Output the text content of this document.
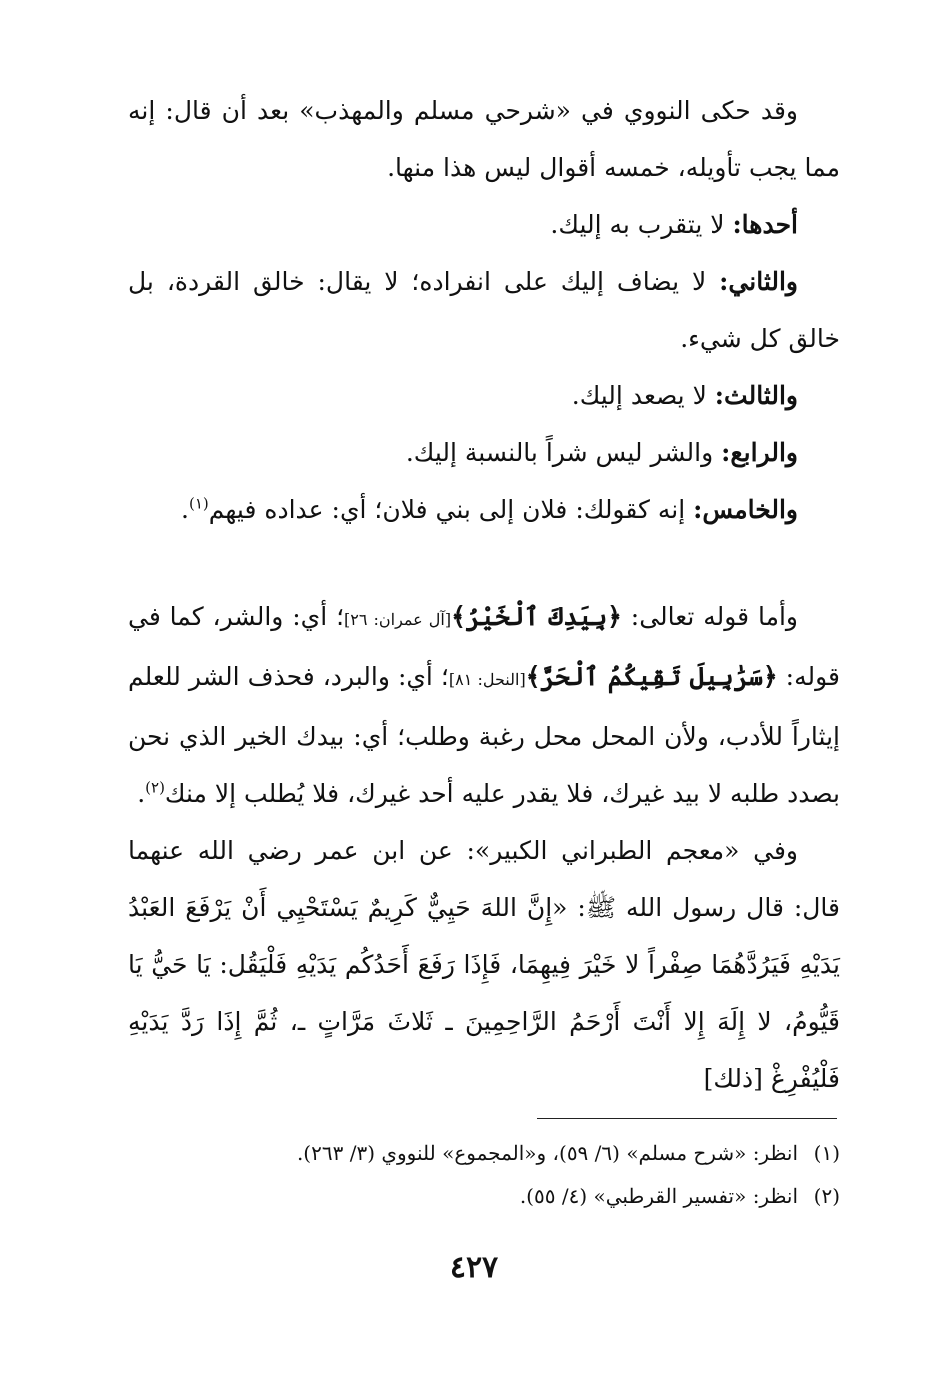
وقد حكى النووي في «شرحي مسلم والمهذب» بعد أن قال: إنه مما يجب تأويله، خمسه أقوال ليس هذا منها.

أحدها: لا يتقرب به إليك.

والثاني: لا يضاف إليك على انفراده؛ لا يقال: خالق القردة، بل خالق كل شيء.

والثالث: لا يصعد إليك.

والرابع: والشر ليس شراً بالنسبة إليك.

والخامس: إنه كقولك: فلان إلى بني فلان؛ أي: عداده فيهم$^{(١)}$.

وأما قوله تعالى: ﴿بِيَدِكَ ٱلْخَيْرُ﴾[آل عمران: ٢٦]؛ أي: والشر، كما في قوله: ﴿سَرَٰبِيلَ تَقِيكُمُ ٱلْحَرَّ﴾[النحل: ٨١]؛ أي: والبرد، فحذف الشر للعلم إيثاراً للأدب، ولأن المحل محل رغبة وطلب؛ أي: بيدك الخير الذي نحن بصدد طلبه لا بيد غيرك، فلا يقدر عليه أحد غيرك، فلا يُطلب إلا منك$^{(٢)}$.

وفي «معجم الطبراني الكبير»: عن ابن عمر رضي الله عنهما قال: قال رسول الله ﷺ: «إِنَّ اللهَ حَيِيٌّ كَرِيمٌ يَسْتَحْيِي أَنْ يَرْفَعَ العَبْدُ يَدَيْهِ فَيَرُدَّهُمَا صِفْراً لا خَيْرَ فِيهِمَا، فَإِذَا رَفَعَ أَحَدُكُم يَدَيْهِ فَلْيَقُل: يَا حَيُّ يَا قَيُّومُ، لا إِلَهَ إِلا أَنْتَ أَرْحَمُ الرَّاحِمِينَ ـ ثَلاثَ مَرَّاتٍ ـ، ثُمَّ إِذَا رَدَّ يَدَيْهِ فَلْيُفْرِغْ [ذلك]

(١)انظر: «شرح مسلم» (٦/ ٥٩)، و«المجموع» للنووي (٣/ ٢٦٣).
(٢)انظر: «تفسير القرطبي» (٤/ ٥٥).
٤٢٧
